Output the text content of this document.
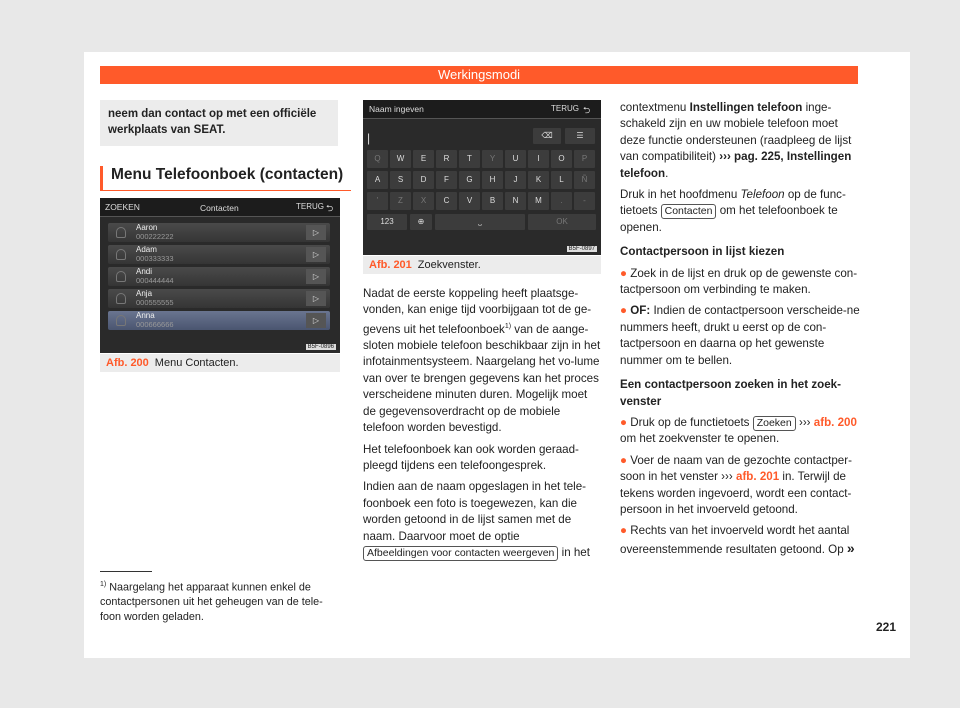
Werkingsmodi
neem dan contact op met een officiële werkplaats van SEAT.
Menu Telefoonboek (contacten)
ZOEKEN	Contacten	TERUG ⮌
Aaron
000222222	▷
Adam
000333333	▷
Andi
000444444	▷
Anja
000555555	▷
Anna
000666666	▷
B5F-0896
Afb. 200 Menu Contacten.
Naam ingeven	TERUG ⮌
|	⌫	☰
Q	W	E	R	T	Y	U	I	O	P
A	S	D	F	G	H	J	K	L	Ñ
'	Z	X	C	V	B	N	M	.	-
123	⊕	⎵	OK
B5F-0897
Afb. 201 Zoekvenster.

Nadat de eerste koppeling heeft plaatsge-vonden, kan enige tijd voorbijgaan tot de ge-gevens uit het telefoonboek$^{1)}$ van de aange-sloten mobiele telefoon beschikbaar zijn in het infotainmentsysteem. Naargelang het vo-lume van over te brengen gegevens kan het proces verscheidene minuten duren. Mogelijk moet de gegevensoverdracht op de mobiele telefoon worden bevestigd.

Het telefoonboek kan ook worden geraad-pleegd tijdens een telefoongesprek.

Indien aan de naam opgeslagen in het tele-foonboek een foto is toegewezen, kan die worden getoond in de lijst samen met de naam. Daarvoor moet de optie Afbeeldingen voor contacten weergeven in het

contextmenu Instellingen telefoon inge-schakeld zijn en uw mobiele telefoon moet deze functie ondersteunen (raadpleeg de lijst van compatibiliteit) ››› pag. 225, Instellingen telefoon.

Druk in het hoofdmenu Telefoon op de func-tietoets Contacten om het telefoonboek te openen.

Contactpersoon in lijst kiezen

● Zoek in de lijst en druk op de gewenste con-tactpersoon om verbinding te maken.

● OF: Indien de contactpersoon verscheide-ne nummers heeft, drukt u eerst op de con-tactpersoon en daarna op het gewenste nummer om te bellen.

Een contactpersoon zoeken in het zoek-venster

● Druk op de functietoets Zoeken ››› afb. 200 om het zoekvenster te openen.

● Voer de naam van de gezochte contactper-soon in het venster ››› afb. 201 in. Terwijl de tekens worden ingevoerd, wordt een contact-persoon in het invoerveld getoond.

● Rechts van het invoerveld wordt het aantal overeenstemmende resultaten getoond. Op »

$^{1)}$ Naargelang het apparaat kunnen enkel de contactpersonen uit het geheugen van de tele-foon worden geladen.
221
